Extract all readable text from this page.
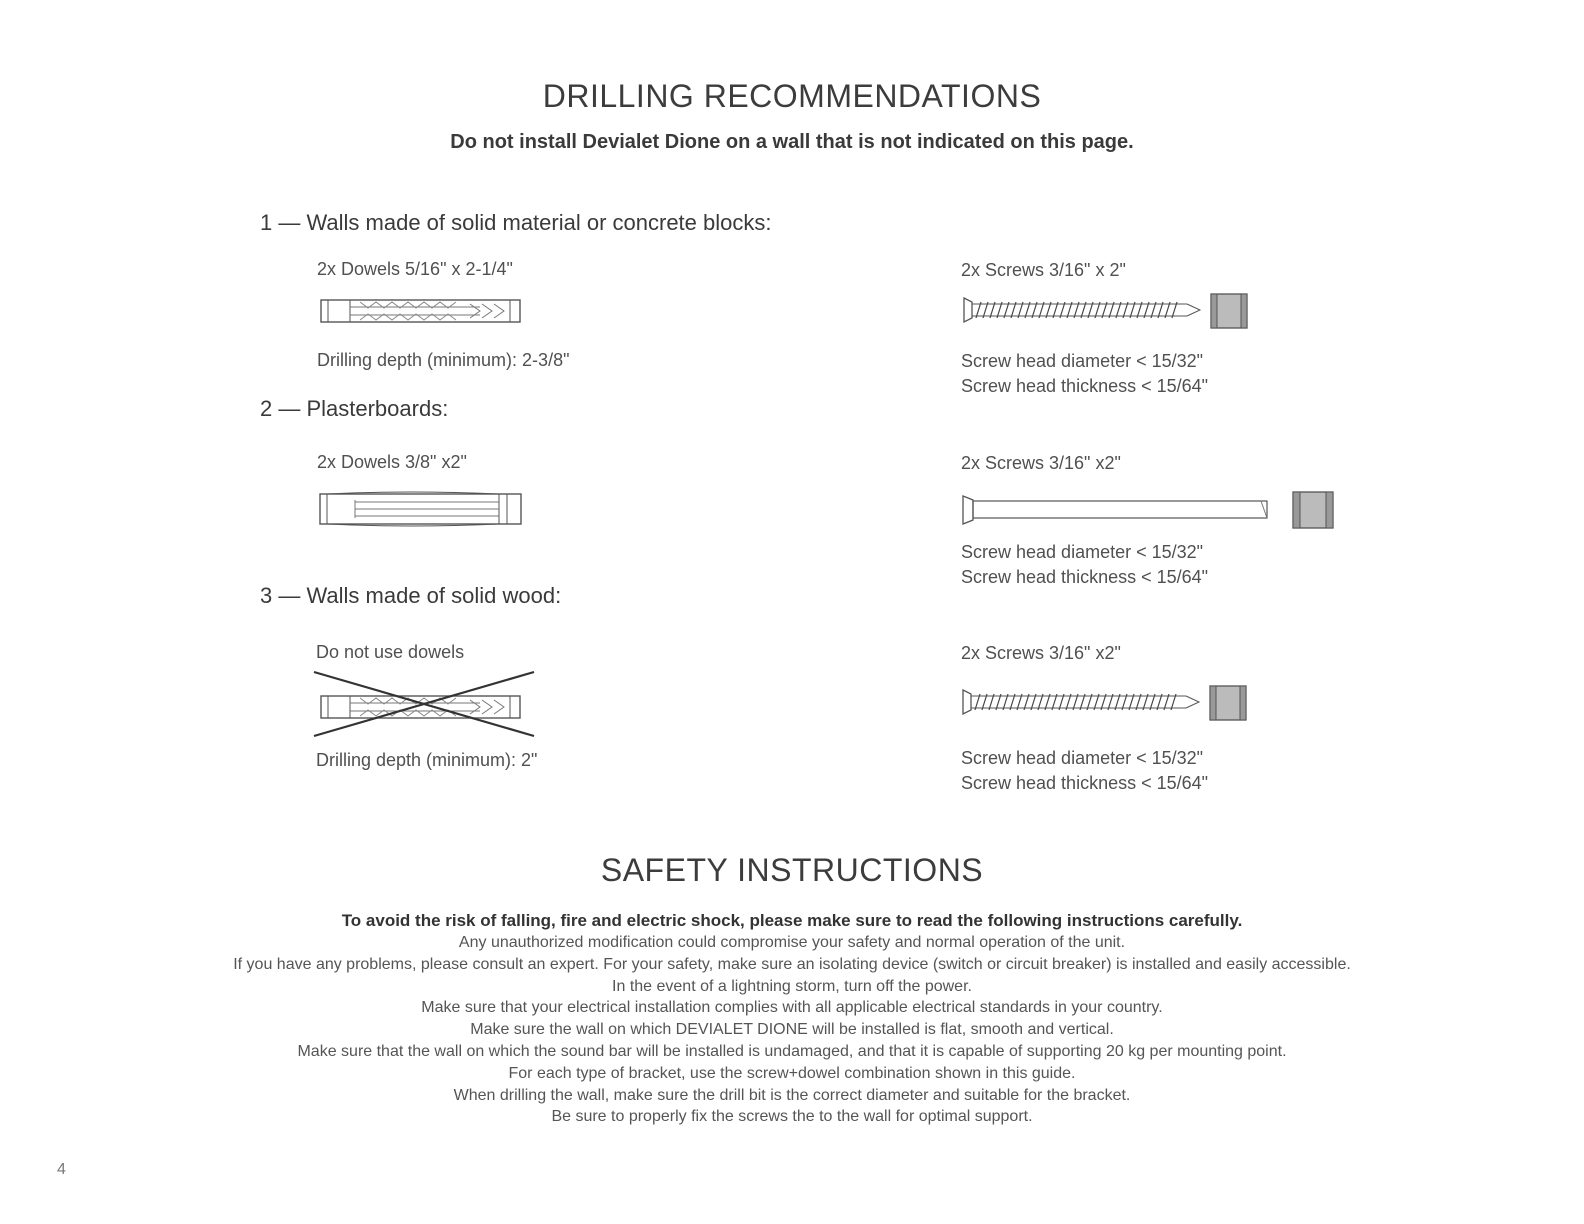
DRILLING RECOMMENDATIONS
Do not install Devialet Dione on a wall that is not indicated on this page.
1 — Walls made of solid material or concrete blocks:
2x Dowels 5/16" x 2-1/4"
Drilling depth (minimum): 2-3/8"
2x Screws 3/16" x 2"
Screw head diameter < 15/32"
Screw head thickness < 15/64"
2 — Plasterboards:
2x Dowels 3/8" x2"	2x Screws 3/16" x2"
Screw head diameter < 15/32"
Screw head thickness < 15/64"
3 — Walls made of solid wood:
Do not use dowels
Drilling depth (minimum): 2"
2x Screws 3/16" x2"
Screw head diameter < 15/32"
Screw head thickness < 15/64"
SAFETY INSTRUCTIONS
To avoid the risk of falling, fire and electric shock, please make sure to read the following instructions carefully.
Any unauthorized modification could compromise your safety and normal operation of the unit.
If you have any problems, please consult an expert. For your safety, make sure an isolating device (switch or circuit breaker) is installed and easily accessible.
In the event of a lightning storm, turn off the power.
Make sure that your electrical installation complies with all applicable electrical standards in your country.
Make sure the wall on which DEVIALET DIONE will be installed is flat, smooth and vertical.
Make sure that the wall on which the sound bar will be installed is undamaged, and that it is capable of supporting 20 kg per mounting point.
For each type of bracket, use the screw+dowel combination shown in this guide.
When drilling the wall, make sure the drill bit is the correct diameter and suitable for the bracket.
Be sure to properly fix the screws the to the wall for optimal support.
4
